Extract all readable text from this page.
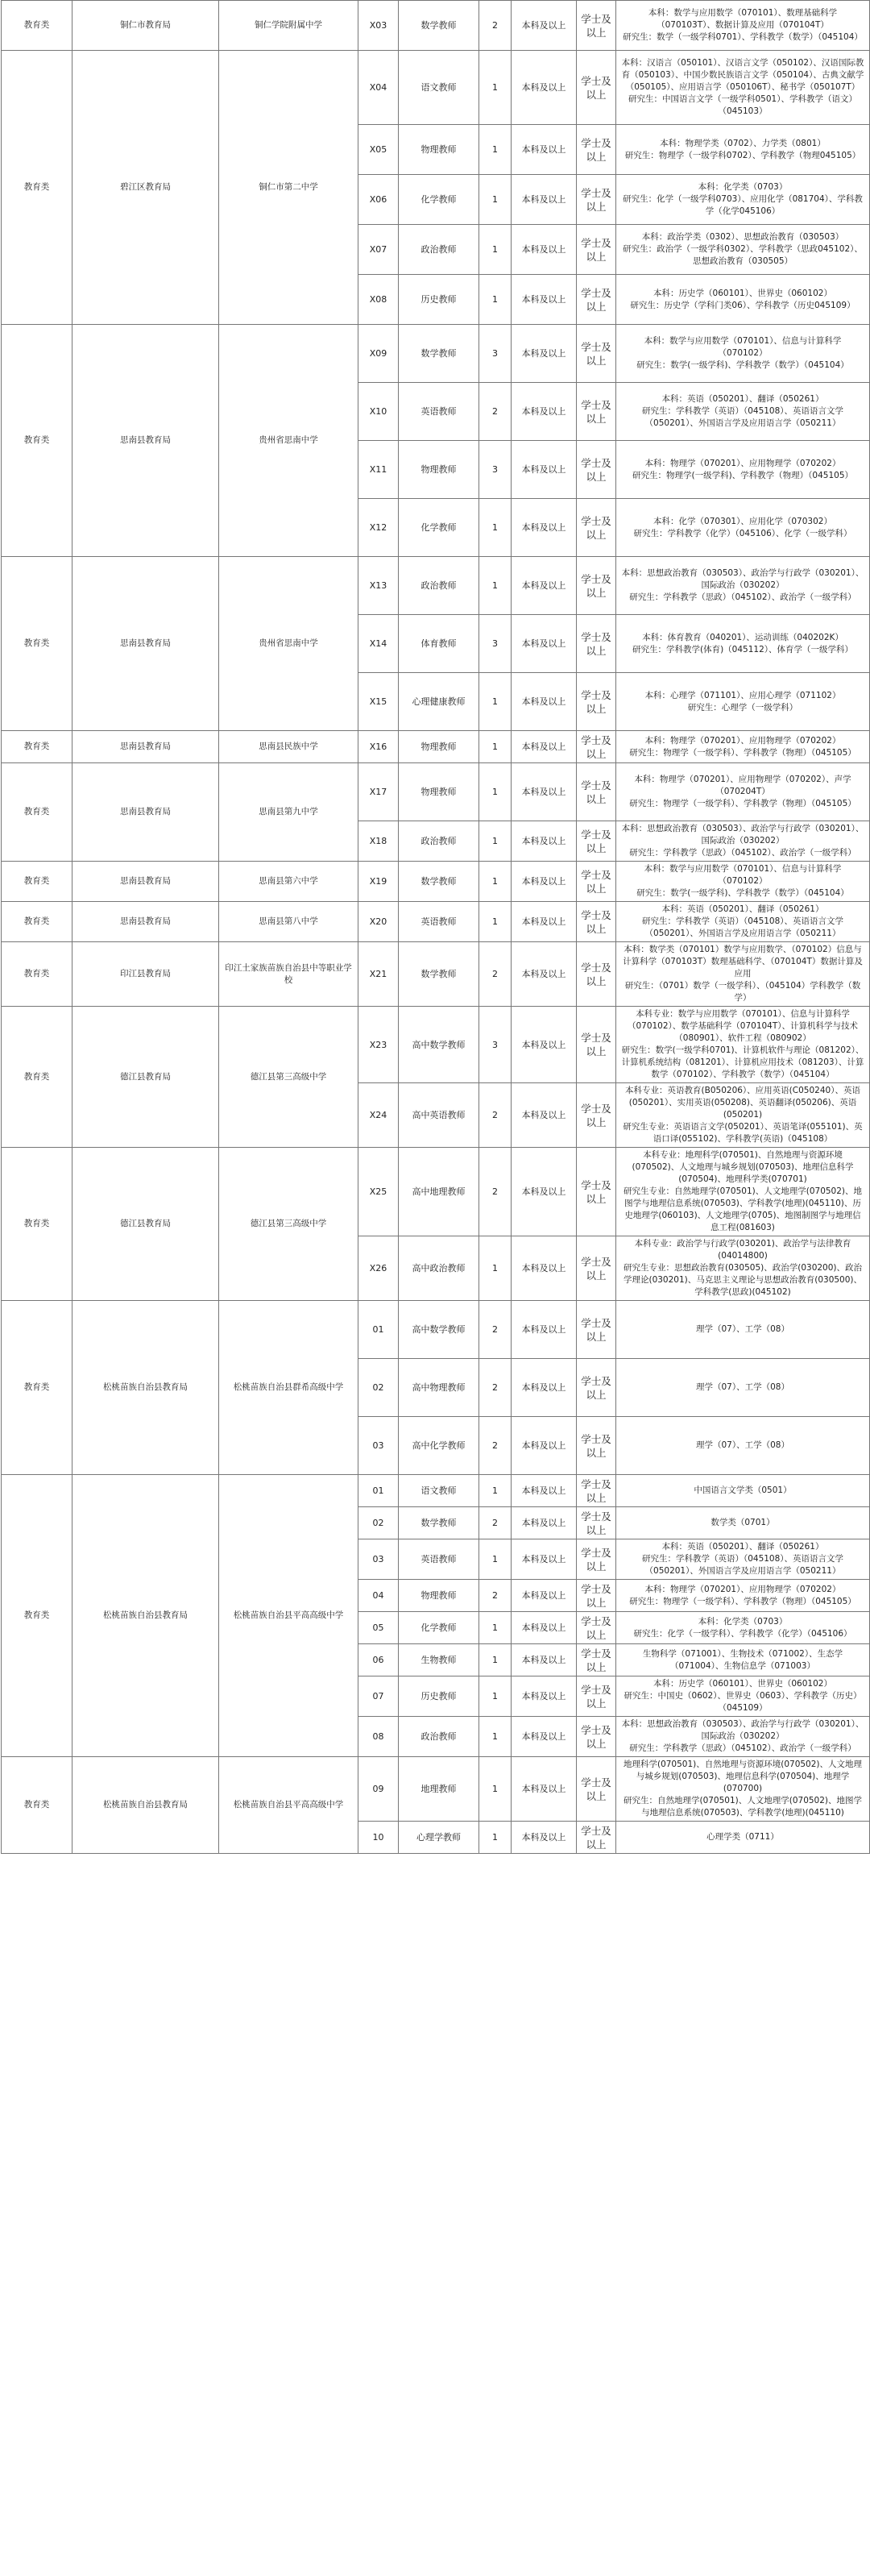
教育类	铜仁市教育局	铜仁学院附属中学	X03	数学教师	2	本科及以上	学士及以上	本科：数学与应用数学（070101）、数理基础科学（070103T）、数据计算及应用（070104T）
研究生：数学（一级学科0701）、学科教学（数学）（045104）
教育类	碧江区教育局	铜仁市第二中学	X04	语文教师	1	本科及以上	学士及以上	本科：汉语言（050101）、汉语言文学（050102）、汉语国际教育（050103）、中国少数民族语言文学（050104）、古典文献学（050105）、应用语言学（050106T）、秘书学（050107T）
研究生：中国语言文学（一级学科0501）、学科教学（语文）（045103）
			X05	物理教师	1	本科及以上	学士及以上	本科：物理学类（0702）、力学类（0801）
研究生：物理学（一级学科0702）、学科教学（物理045105）
			X06	化学教师	1	本科及以上	学士及以上	本科：化学类（0703）
研究生：化学（一级学科0703）、应用化学（081704）、学科教学（化学045106）
			X07	政治教师	1	本科及以上	学士及以上	本科：政治学类（0302）、思想政治教育（030503）
研究生：政治学（一级学科0302）、学科教学（思政045102）、思想政治教育（030505）
			X08	历史教师	1	本科及以上	学士及以上	本科：历史学（060101）、世界史（060102）
研究生：历史学（学科门类06）、学科教学（历史045109）
教育类	思南县教育局	贵州省思南中学	X09	数学教师	3	本科及以上	学士及以上	本科：数学与应用数学（070101）、信息与计算科学（070102）
研究生：数学(一级学科)、学科教学（数学）（045104）
			X10	英语教师	2	本科及以上	学士及以上	本科：英语（050201）、翻译（050261）
研究生：学科教学（英语）（045108）、英语语言文学（050201）、外国语言学及应用语言学（050211）
			X11	物理教师	3	本科及以上	学士及以上	本科：物理学（070201）、应用物理学（070202）
研究生：物理学(一级学科)、学科教学（物理）（045105）
			X12	化学教师	1	本科及以上	学士及以上	本科：化学（070301）、应用化学（070302）
研究生：学科教学（化学）（045106）、化学（一级学科）
教育类	思南县教育局	贵州省思南中学	X13	政治教师	1	本科及以上	学士及以上	本科：思想政治教育（030503）、政治学与行政学（030201）、国际政治（030202）
研究生：学科教学（思政）（045102）、政治学（一级学科）
			X14	体育教师	3	本科及以上	学士及以上	本科：体育教育（040201）、运动训练（040202K）
研究生：学科教学(体育)（045112）、体育学（一级学科）
			X15	心理健康教师	1	本科及以上	学士及以上	本科：心理学（071101）、应用心理学（071102）
研究生：心理学（一级学科）
教育类	思南县教育局	思南县民族中学	X16	物理教师	1	本科及以上	学士及以上	本科：物理学（070201）、应用物理学（070202）
研究生：物理学（一级学科）、学科教学（物理）（045105）
教育类	思南县教育局	思南县第九中学	X17	物理教师	1	本科及以上	学士及以上	本科：物理学（070201）、应用物理学（070202）、声学（070204T）
研究生：物理学（一级学科）、学科教学（物理）（045105）
			X18	政治教师	1	本科及以上	学士及以上	本科：思想政治教育（030503）、政治学与行政学（030201）、国际政治（030202）
研究生：学科教学（思政）（045102）、政治学（一级学科）
教育类	思南县教育局	思南县第六中学	X19	数学教师	1	本科及以上	学士及以上	本科：数学与应用数学（070101）、信息与计算科学（070102）
研究生：数学(一级学科)、学科教学（数学）（045104）
教育类	思南县教育局	思南县第八中学	X20	英语教师	1	本科及以上	学士及以上	本科：英语（050201）、翻译（050261）
研究生：学科教学（英语）（045108）、英语语言文学（050201）、外国语言学及应用语言学（050211）
教育类	印江县教育局	印江土家族苗族自治县中等职业学校	X21	数学教师	2	本科及以上	学士及以上	本科：数学类（070101）数学与应用数学、（070102）信息与计算科学（070103T）数理基础科学、（070104T）数据计算及应用
研究生：（0701）数学（一级学科）、（045104）学科教学（数学）
教育类	德江县教育局	德江县第三高级中学	X23	高中数学教师	3	本科及以上	学士及以上	本科专业：数学与应用数学（070101）、信息与计算科学（070102）、数学基础科学（070104T）、计算机科学与技术（080901）、软件工程（080902）
研究生：数学(一级学科0701)、计算机软件与理论（081202）、计算机系统结构（081201）、计算机应用技术（081203）、计算数学（070102）、学科教学（数学）（045104）
			X24	高中英语教师	2	本科及以上	学士及以上	本科专业：英语教育(B050206）、应用英语(C050240）、英语(050201）、实用英语(050208)、英语翻译(050206)、英语(050201)
研究生专业：英语语言文学(050201）、英语笔译(055101)、英语口译(055102)、学科教学(英语)（045108）
教育类	德江县教育局	德江县第三高级中学	X25	高中地理教师	2	本科及以上	学士及以上	本科专业：地理科学(070501)、自然地理与资源环境(070502)、人文地理与城乡规划(070503)、地理信息科学(070504)、地理科学类(070701)
研究生专业：自然地理学(070501)、人文地理学(070502)、地图学与地理信息系统(070503)、学科教学(地理)(045110)、历史地理学(060103)、人文地理学(0705)、地图制图学与地理信息工程(081603)
			X26	高中政治教师	1	本科及以上	学士及以上	本科专业：政治学与行政学(030201)、政治学与法律教育(04014800)
研究生专业：思想政治教育(030505)、政治学(030200)、政治学理论(030201)、马克思主义理论与思想政治教育(030500)、学科教学(思政)(045102)
教育类	松桃苗族自治县教育局	松桃苗族自治县群希高级中学	01	高中数学教师	2	本科及以上	学士及以上	理学（07）、工学（08）
			02	高中物理教师	2	本科及以上	学士及以上	理学（07）、工学（08）
			03	高中化学教师	2	本科及以上	学士及以上	理学（07）、工学（08）
教育类	松桃苗族自治县教育局	松桃苗族自治县平高高级中学	01	语文教师	1	本科及以上	学士及以上	中国语言文学类（0501）
			02	数学教师	2	本科及以上	学士及以上	数学类（0701）
			03	英语教师	1	本科及以上	学士及以上	本科：英语（050201）、翻译（050261）
研究生：学科教学（英语）（045108）、英语语言文学（050201）、外国语言学及应用语言学（050211）
			04	物理教师	2	本科及以上	学士及以上	本科：物理学（070201）、应用物理学（070202）
研究生：物理学（一级学科）、学科教学（物理）（045105）
			05	化学教师	1	本科及以上	学士及以上	本科：化学类（0703）
研究生：化学（一级学科）、学科教学（化学）（045106）
			06	生物教师	1	本科及以上	学士及以上	生物科学（071001）、生物技术（071002）、生态学（071004）、生物信息学（071003）
			07	历史教师	1	本科及以上	学士及以上	本科：历史学（060101）、世界史（060102）
研究生：中国史（0602）、世界史（0603）、学科教学（历史）（045109）
			08	政治教师	1	本科及以上	学士及以上	本科：思想政治教育（030503）、政治学与行政学（030201）、国际政治（030202）
研究生：学科教学（思政）（045102）、政治学（一级学科）
教育类	松桃苗族自治县教育局	松桃苗族自治县平高高级中学	09	地理教师	1	本科及以上	学士及以上	地理科学(070501)、自然地理与资源环境(070502)、人文地理与城乡规划(070503)、地理信息科学(070504)、地理学(070700)
研究生：自然地理学(070501)、人文地理学(070502)、地图学与地理信息系统(070503)、学科教学(地理)(045110)
			10	心理学教师	1	本科及以上	学士及以上	心理学类（0711）
